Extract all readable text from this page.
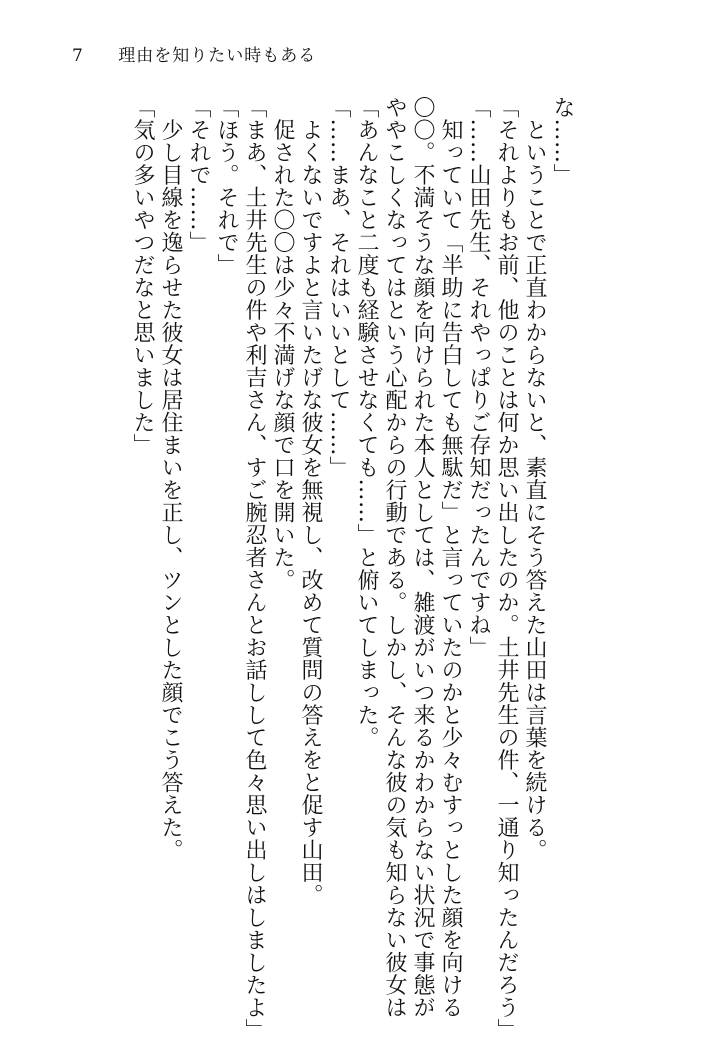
7 理由を知りたい時もある

な……」

　ということで正直わからないと、素直にそう答えた山田は言葉を続ける。

「それよりもお前、他のことは何か思い出したのか。土井先生の件、一通り知ったんだろう」

「……山田先生、それやっぱりご存知だったんですね」

　知っていて「半助に告白しても無駄だ」と言っていたのかと少々むすっとした顔を向ける

〇〇。不満そうな顔を向けられた本人としては、雑渡がいつ来るかわからない状況で事態が

ややこしくなってはという心配からの行動である。しかし、そんな彼の気も知らない彼女は

「あんなこと二度も経験させなくても……」と俯いてしまった。

「……まあ、それはいいとして……」

　よくないですよと言いたげな彼女を無視し、改めて質問の答えをと促す山田。

　促された〇〇は少々不満げな顔で口を開いた。

「まあ、土井先生の件や利吉さん、すご腕忍者さんとお話しして色々思い出しはしましたよ」

「ほう。それで」

「それで……」

　少し目線を逸らせた彼女は居住まいを正し、ツンとした顔でこう答えた。

「気の多いやつだなと思いました」
